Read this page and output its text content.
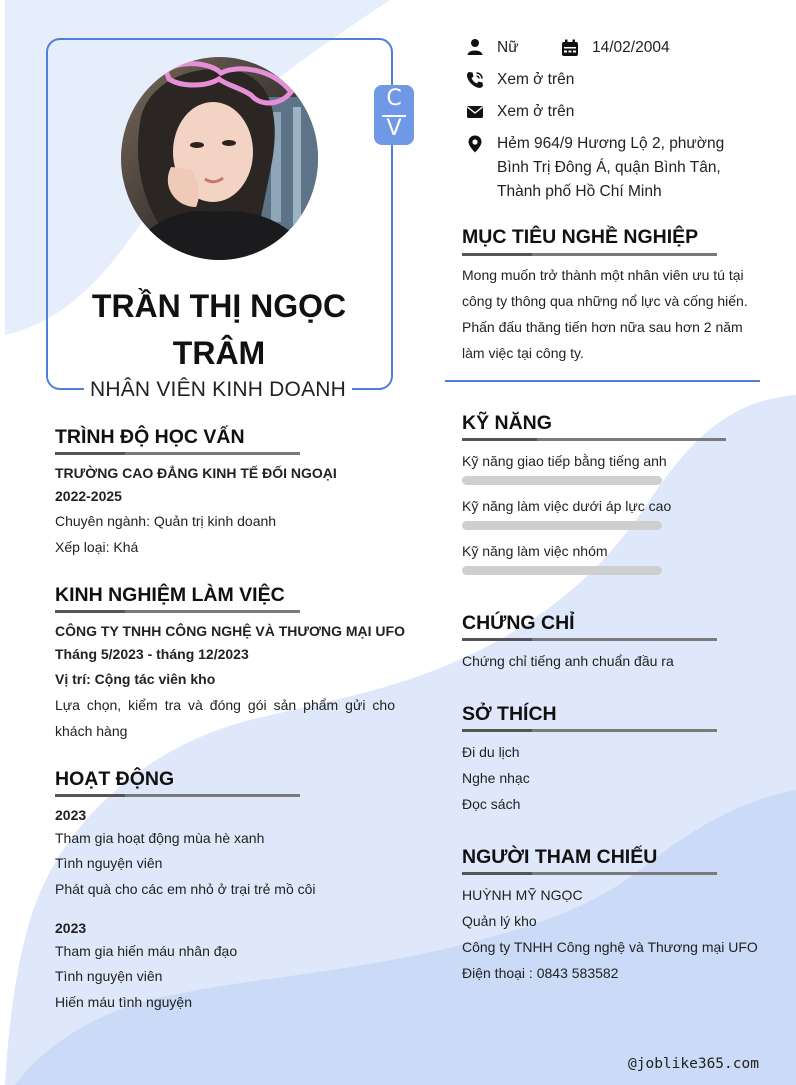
C
V
TRẦN THỊ NGỌC TRÂM
NHÂN VIÊN KINH DOANH
Nữ	14/02/2004
Xem ở trên
Xem ở trên
Hẻm 964/9 Hương Lộ 2, phường
Bình Trị Đông Á, quận Bình Tân,
Thành phố Hồ Chí Minh
MỤC TIÊU NGHỀ NGHIỆP
Mong muốn trở thành một nhân viên ưu tú tại
công ty thông qua những nổ lực và cống hiến.
Phấn đấu thăng tiến hơn nữa sau hơn 2 năm
làm việc tại công ty.
TRÌNH ĐỘ HỌC VẤN
TRƯỜNG CAO ĐẲNG KINH TẾ ĐỐI NGOẠI
2022-2025
Chuyên ngành: Quản trị kinh doanh
Xếp loại: Khá
KINH NGHIỆM LÀM VIỆC
CÔNG TY TNHH CÔNG NGHỆ VÀ THƯƠNG MẠI UFO
Tháng 5/2023 - tháng 12/2023
Vị trí: Cộng tác viên kho
Lựa chọn, kiểm tra và đóng gói sản phẩm gửi cho khách hàng
HOẠT ĐỘNG
2023
Tham gia hoạt động mùa hè xanh
Tình nguyện viên
Phát quà cho các em nhỏ ở trại trẻ mồ côi
2023
Tham gia hiến máu nhân đạo
Tình nguyện viên
Hiến máu tình nguyện
KỸ NĂNG
Kỹ năng giao tiếp bằng tiếng anh
Kỹ năng làm việc dưới áp lực cao
Kỹ năng làm việc nhóm
CHỨNG CHỈ
Chứng chỉ tiếng anh chuẩn đầu ra
SỞ THÍCH
Đi du lịch
Nghe nhạc
Đọc sách
NGƯỜI THAM CHIẾU
HUỲNH MỸ NGỌC
Quản lý kho
Công ty TNHH Công nghệ và Thương mại UFO
Điện thoại : 0843 583582
@joblike365.com
